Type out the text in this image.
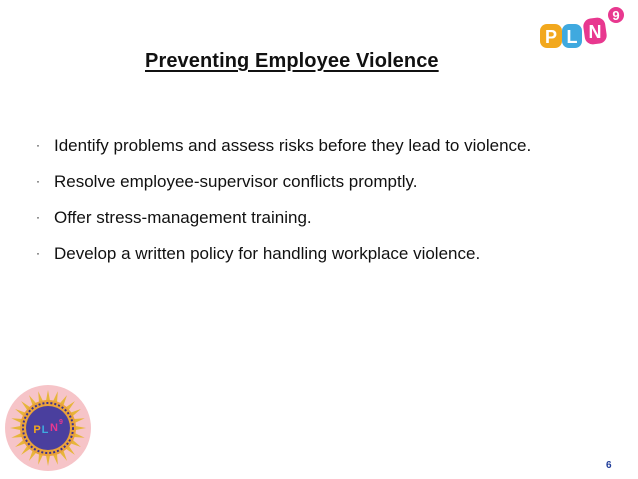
P L N
9
Preventing Employee Violence
· Identify problems and assess risks before they lead to violence.
· Resolve employee-supervisor conflicts promptly.
· Offer stress-management training.
· Develop a written policy for handling workplace violence.
P L N 9
6
